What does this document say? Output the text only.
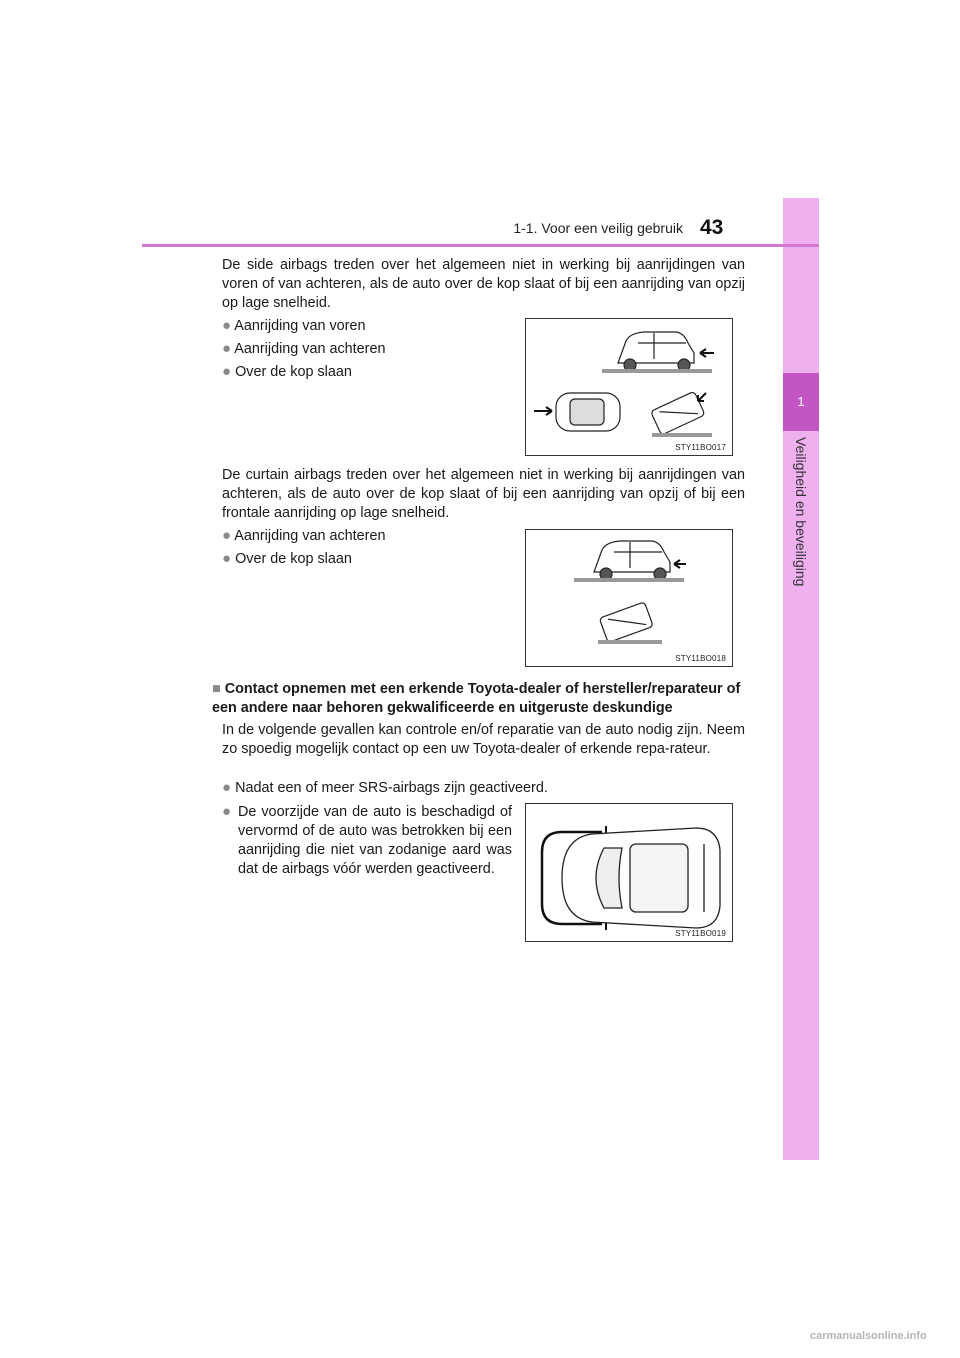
1
Veiligheid en beveiliging
1-1. Voor een veilig gebruik 43
De side airbags treden over het algemeen niet in werking bij aanrijdingen van voren of van achteren, als de auto over de kop slaat of bij een aanrijding van opzij op lage snelheid.
● Aanrijding van voren
● Aanrijding van achteren
● Over de kop slaan
STY11BO017
De curtain airbags treden over het algemeen niet in werking bij aanrijdingen van achteren, als de auto over de kop slaat of bij een aanrijding van opzij of bij een frontale aanrijding op lage snelheid.
● Aanrijding van achteren
● Over de kop slaan
STY11BO018
■ Contact opnemen met een erkende Toyota-dealer of hersteller/reparateur of een andere naar behoren gekwalificeerde en uitgeruste deskundige
In de volgende gevallen kan controle en/of reparatie van de auto nodig zijn. Neem zo spoedig mogelijk contact op een uw Toyota-dealer of erkende repa-rateur.
● Nadat een of meer SRS-airbags zijn geactiveerd.
● De voorzijde van de auto is beschadigd of vervormd of de auto was betrokken bij een aanrijding die niet van zodanige aard was dat de airbags vóór werden geactiveerd.
STY11BO019
carmanualsonline.info
